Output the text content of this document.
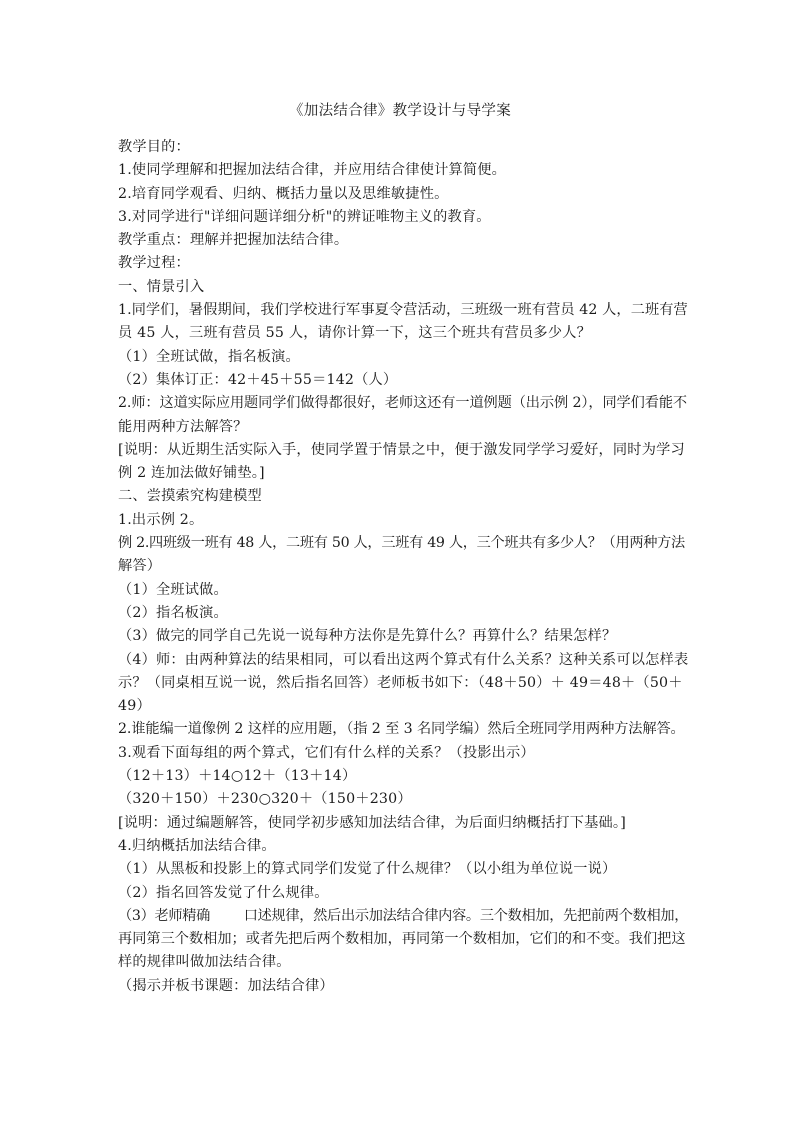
《加法结合律》教学设计与导学案
教学目的：
1.使同学理解和把握加法结合律，并应用结合律使计算简便。
2.培育同学观看、归纳、概括力量以及思维敏捷性。
3.对同学进行"详细问题详细分析"的辨证唯物主义的教育。
教学重点：理解并把握加法结合律。
教学过程：
一、情景引入
1.同学们，暑假期间，我们学校进行军事夏令营活动，三班级一班有营员 42 人，二班有营
员 45 人，三班有营员 55 人，请你计算一下，这三个班共有营员多少人？
（1）全班试做，指名板演。
（2）集体订正：42＋45＋55＝142（人）
2.师：这道实际应用题同学们做得都很好，老师这还有一道例题（出示例 2），同学们看能不
能用两种方法解答？
[说明：从近期生活实际入手，使同学置于情景之中，便于激发同学学习爱好，同时为学习
例 2 连加法做好铺垫。]
二、尝摸索究构建模型
1.出示例 2。
例 2.四班级一班有 48 人，二班有 50 人，三班有 49 人，三个班共有多少人？（用两种方法
解答）
（1）全班试做。
（2）指名板演。
（3）做完的同学自己先说一说每种方法你是先算什么？再算什么？结果怎样？
（4）师：由两种算法的结果相同，可以看出这两个算式有什么关系？这种关系可以怎样表
示？（同桌相互说一说，然后指名回答）老师板书如下：（48＋50）＋ 49＝48＋（50＋
49）
2.谁能编一道像例 2 这样的应用题，（指 2 至 3 名同学编）然后全班同学用两种方法解答。
3.观看下面每组的两个算式，它们有什么样的关系？（投影出示）
（12＋13）＋14○12＋（13＋14）
（320＋150）＋230○320＋（150＋230）
[说明：通过编题解答，使同学初步感知加法结合律，为后面归纳概括打下基础。]
4.归纳概括加法结合律。
（1）从黑板和投影上的算式同学们发觉了什么规律？（以小组为单位说一说）
（2）指名回答发觉了什么规律。
（3）老师精确        口述规律，然后出示加法结合律内容。三个数相加，先把前两个数相加，
再同第三个数相加；或者先把后两个数相加，再同第一个数相加，它们的和不变。我们把这
样的规律叫做加法结合律。
（揭示并板书课题：加法结合律）
